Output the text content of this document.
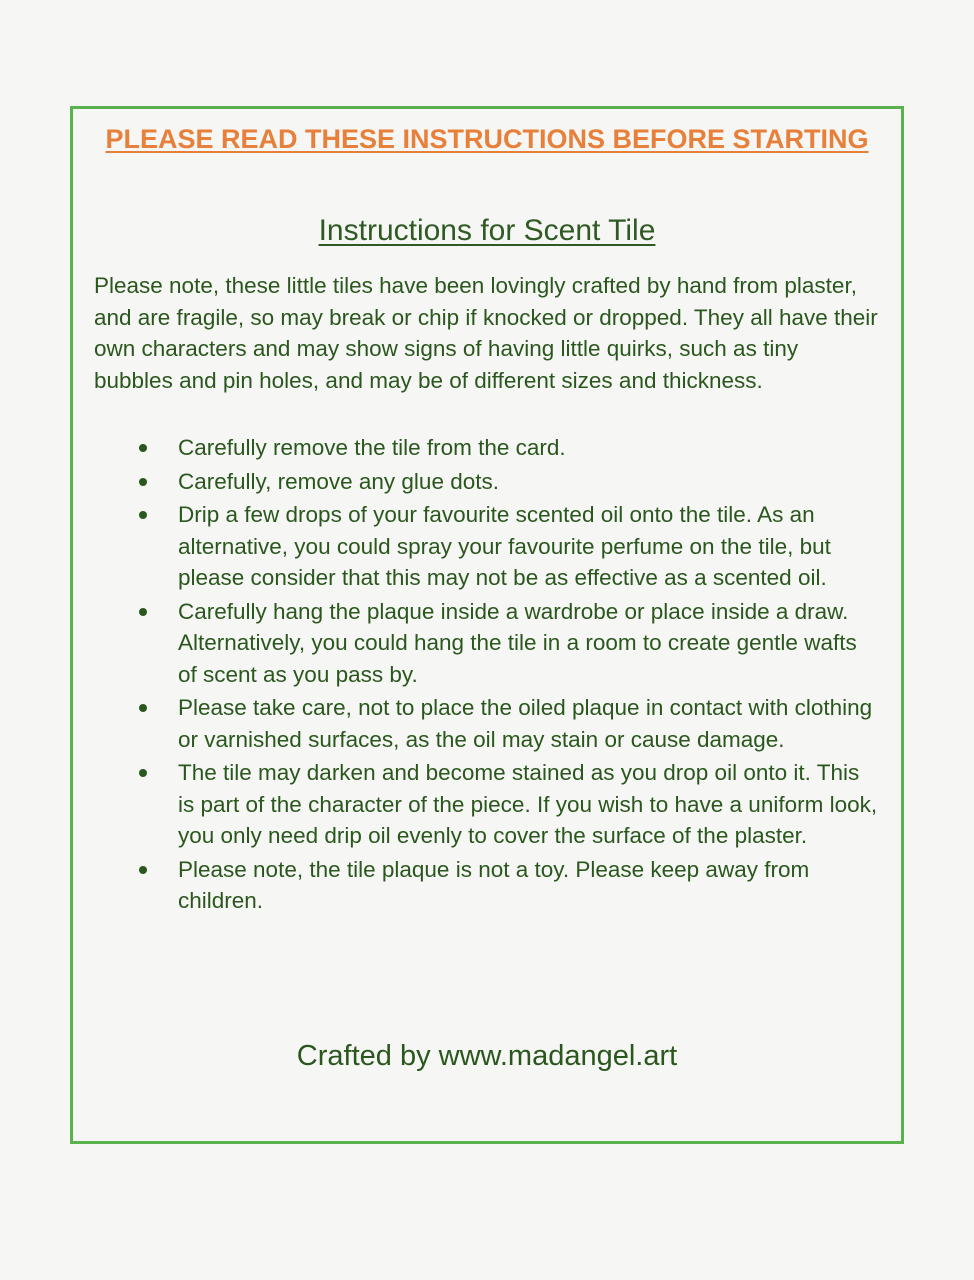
PLEASE READ THESE INSTRUCTIONS BEFORE STARTING
Instructions for Scent Tile
Please note, these little tiles have been lovingly crafted by hand from plaster, and are fragile, so may break or chip if knocked or dropped. They all have their own characters and may show signs of having little quirks, such as tiny bubbles and pin holes, and may be of different sizes and thickness.
Carefully remove the tile from the card.
Carefully, remove any glue dots.
Drip a few drops of your favourite scented oil onto the tile. As an alternative, you could spray your favourite perfume on the tile, but please consider that this may not be as effective as a scented oil.
Carefully hang the plaque inside a wardrobe or place inside a draw. Alternatively, you could hang the tile in a room to create gentle wafts of scent as you pass by.
Please take care, not to place the oiled plaque in contact with clothing or varnished surfaces, as the oil may stain or cause damage.
The tile may darken and become stained as you drop oil onto it. This is part of the character of the piece. If you wish to have a uniform look, you only need drip oil evenly to cover the surface of the plaster.
Please note, the tile plaque is not a toy. Please keep away from children.
Crafted by www.madangel.art
